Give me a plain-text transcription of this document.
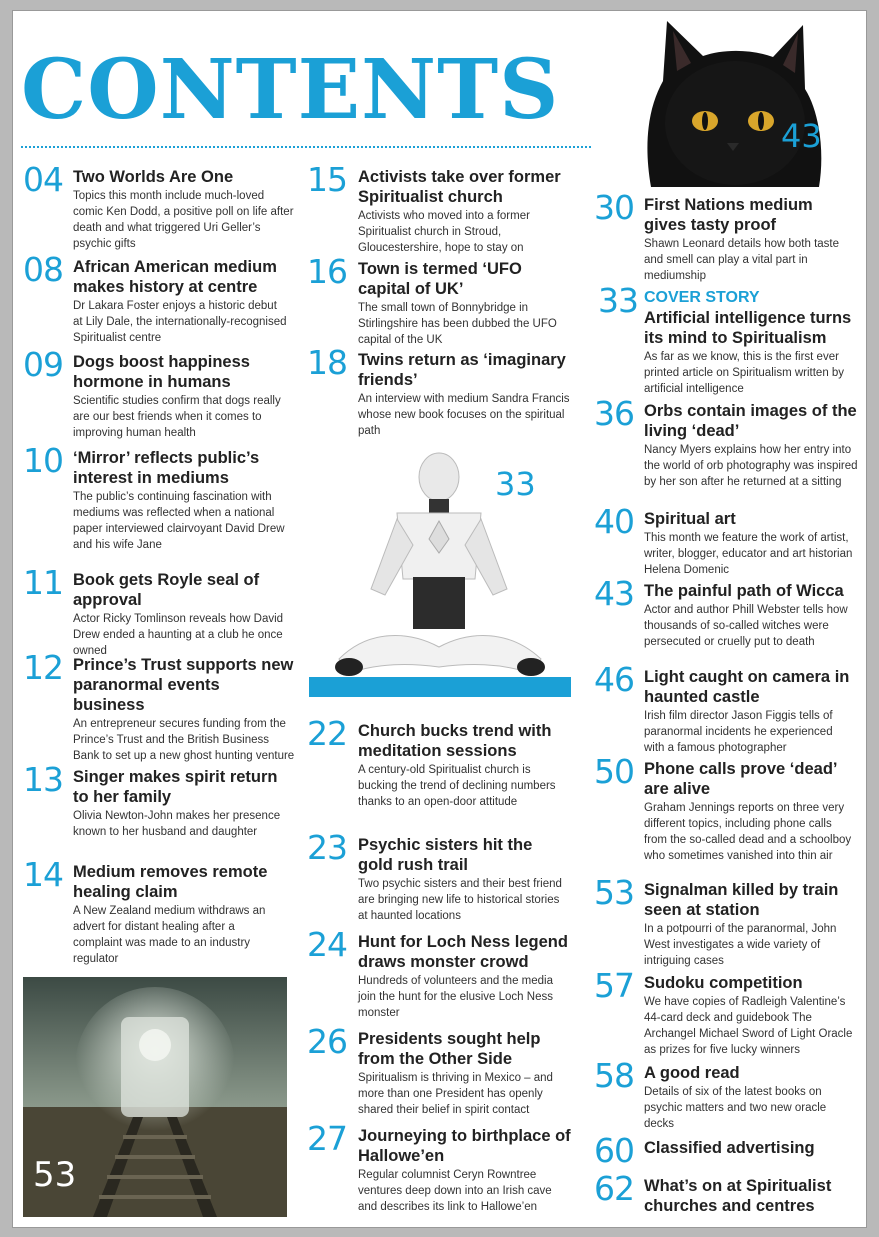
CONTENTS	43
33
53
04 Two Worlds Are One
Topics this month include much-loved comic Ken Dodd, a positive poll on life after death and what triggered Uri Geller’s psychic gifts
08 African American medium makes history at centre
Dr Lakara Foster enjoys a historic debut at Lily Dale, the internationally-recognised Spiritualist centre
09 Dogs boost happiness hormone in humans
Scientific studies confirm that dogs really are our best friends when it comes to improving human health
10 ‘Mirror’ reflects public’s interest in mediums
The public’s continuing fascination with mediums was reflected when a national paper interviewed clairvoyant David Drew and his wife Jane
11 Book gets Royle seal of approval
Actor Ricky Tomlinson reveals how David Drew ended a haunting at a club he once owned
12 Prince’s Trust supports new paranormal events business
An entrepreneur secures funding from the Prince’s Trust and the British Business Bank to set up a new ghost hunting venture
13 Singer makes spirit return to her family
Olivia Newton-John makes her presence known to her husband and daughter
14 Medium removes remote healing claim
A New Zealand medium withdraws an advert for distant healing after a complaint was made to an industry regulator
15 Activists take over former Spiritualist church
Activists who moved into a former Spiritualist church in Stroud, Gloucestershire, hope to stay on
16 Town is termed ‘UFO capital of UK’
The small town of Bonnybridge in Stirlingshire has been dubbed the UFO capital of the UK
18 Twins return as ‘imaginary friends’
An interview with medium Sandra Francis whose new book focuses on the spiritual path
22 Church bucks trend with meditation sessions
A century-old Spiritualist church is bucking the trend of declining numbers thanks to an open-door attitude
23 Psychic sisters hit the gold rush trail
Two psychic sisters and their best friend are bringing new life to historical stories at haunted locations
24 Hunt for Loch Ness legend draws monster crowd
Hundreds of volunteers and the media join the hunt for the elusive Loch Ness monster
26 Presidents sought help from the Other Side
Spiritualism is thriving in Mexico – and more than one President has openly shared their belief in spirit contact
27 Journeying to birthplace of Hallowe’en
Regular columnist Ceryn Rowntree ventures deep down into an Irish cave and describes its link to Hallowe’en
30 First Nations medium gives tasty proof
Shawn Leonard details how both taste and smell can play a vital part in mediumship
33 COVER STORY
Artificial intelligence turns its mind to Spiritualism
As far as we know, this is the first ever printed article on Spiritualism written by artificial intelligence
36 Orbs contain images of the living ‘dead’
Nancy Myers explains how her entry into the world of orb photography was inspired by her son after he returned at a sitting
40 Spiritual art
This month we feature the work of artist, writer, blogger, educator and art historian Helena Domenic
43 The painful path of Wicca
Actor and author Phill Webster tells how thousands of so-called witches were persecuted or cruelly put to death
46 Light caught on camera in haunted castle
Irish film director Jason Figgis tells of paranormal incidents he experienced with a famous photographer
50 Phone calls prove ‘dead’ are alive
Graham Jennings reports on three very different topics, including phone calls from the so-called dead and a schoolboy who sometimes vanished into thin air
53 Signalman killed by train seen at station
In a potpourri of the paranormal, John West investigates a wide variety of intriguing cases
57 Sudoku competition
We have copies of Radleigh Valentine’s 44-card deck and guidebook The Archangel Michael Sword of Light Oracle as prizes for five lucky winners
58 A good read
Details of six of the latest books on psychic matters and two new oracle decks
60 Classified advertising
62 What’s on at Spiritualist churches and centres
